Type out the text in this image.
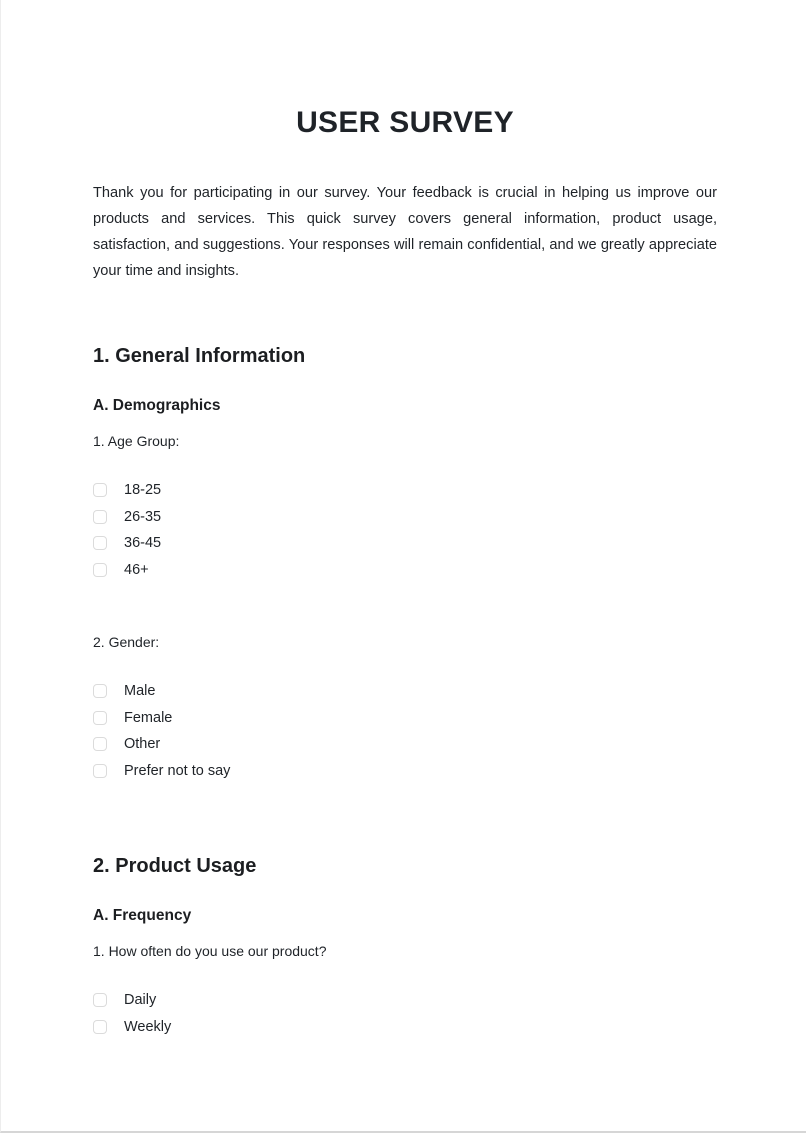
USER SURVEY

Thank you for participating in our survey. Your feedback is crucial in helping us improve our products and services. This quick survey covers general information, product usage, satisfaction, and suggestions. Your responses will remain confidential, and we greatly appreciate your time and insights.

1. General Information
A. Demographics

1. Age Group:

18-25
26-35
36-45
46+

2. Gender:

Male
Female
Other
Prefer not to say
2. Product Usage
A. Frequency

1. How often do you use our product?

Daily
Weekly
